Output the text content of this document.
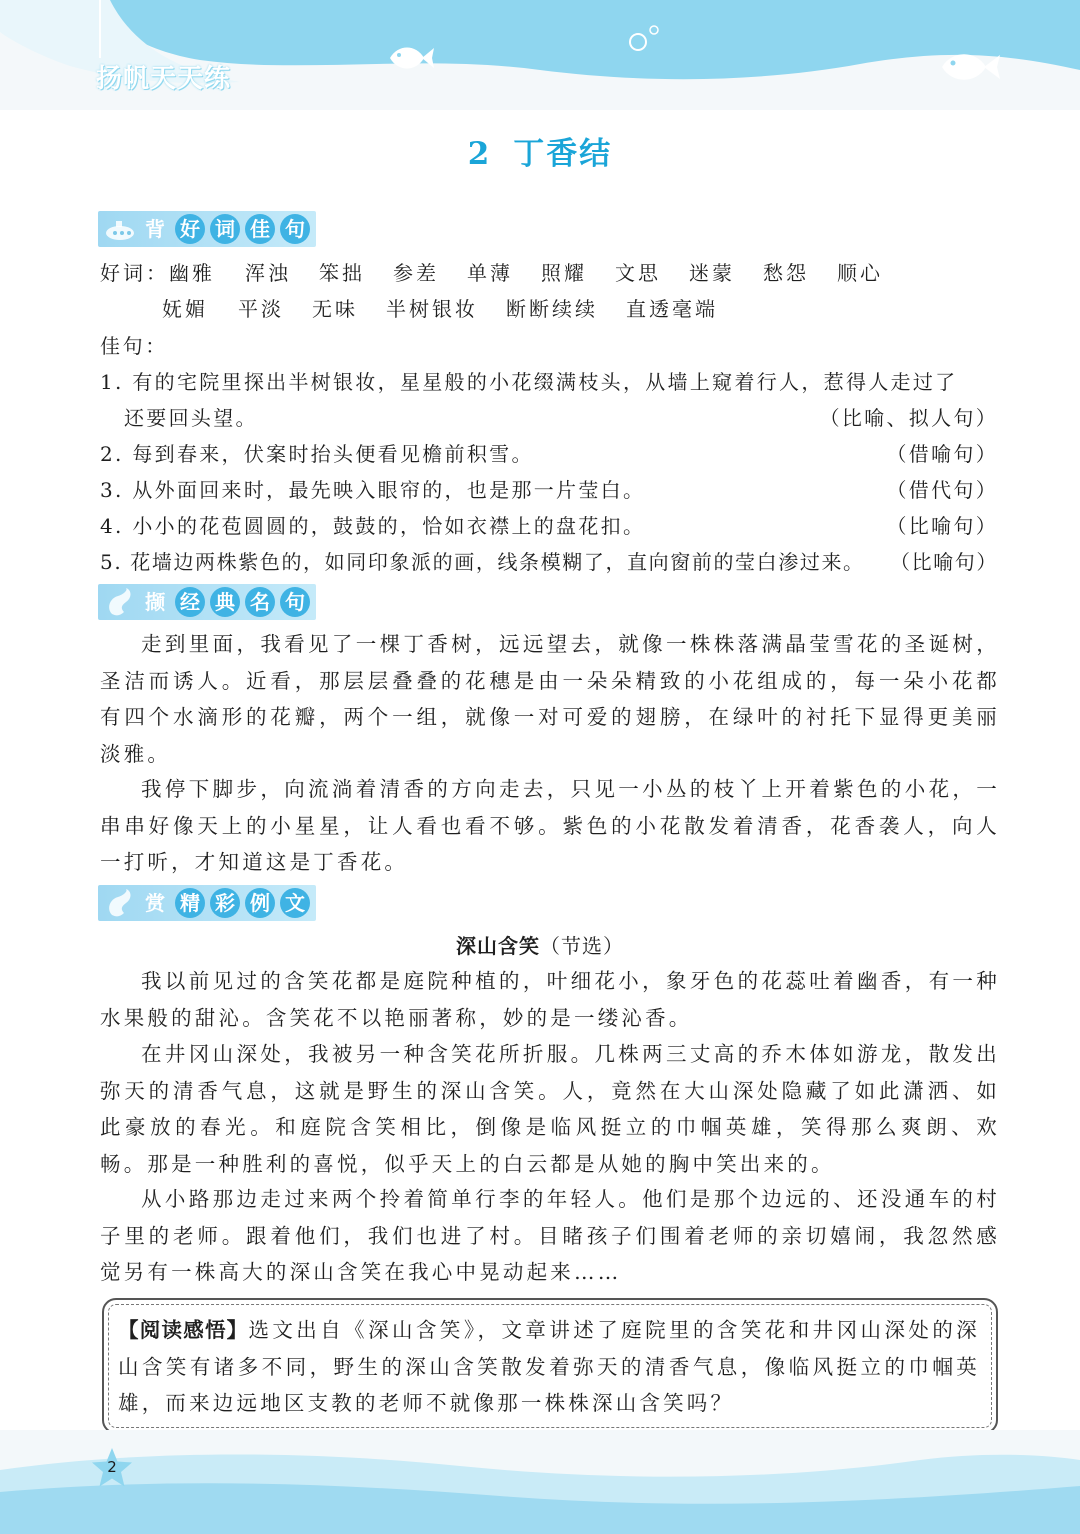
扬帆天天练
2 丁香结
背 好 词 佳 句
好词： 幽雅 浑浊 笨拙 参差 单薄 照耀 文思 迷蒙 愁怨 顺心
妩媚 平淡 无味 半树银妆 断断续续 直透毫端
佳句：
1. 有的宅院里探出半树银妆，星星般的小花缀满枝头，从墙上窥着行人，惹得人走过了
还要回头望。	（比喻、拟人句）
2. 每到春来，伏案时抬头便看见檐前积雪。	（借喻句）
3. 从外面回来时，最先映入眼帘的，也是那一片莹白。	（借代句）
4. 小小的花苞圆圆的，鼓鼓的，恰如衣襟上的盘花扣。	（比喻句）
5. 花墙边两株紫色的，如同印象派的画，线条模糊了，直向窗前的莹白渗过来。 （比喻句）
撷 经 典 名 句

走到里面，我看见了一棵丁香树，远远望去，就像一株株落满晶莹雪花的圣诞树，圣洁而诱人。近看，那层层叠叠的花穗是由一朵朵精致的小花组成的，每一朵小花都有四个水滴形的花瓣，两个一组，就像一对可爱的翅膀，在绿叶的衬托下显得更美丽淡雅。

我停下脚步，向流淌着清香的方向走去，只见一小丛的枝丫上开着紫色的小花，一串串好像天上的小星星，让人看也看不够。紫色的小花散发着清香，花香袭人，向人一打听，才知道这是丁香花。

赏 精 彩 例 文
深山含笑（节选）

我以前见过的含笑花都是庭院种植的，叶细花小，象牙色的花蕊吐着幽香，有一种水果般的甜沁。含笑花不以艳丽著称，妙的是一缕沁香。

在井冈山深处，我被另一种含笑花所折服。几株两三丈高的乔木体如游龙，散发出弥天的清香气息，这就是野生的深山含笑。人，竟然在大山深处隐藏了如此潇洒、如此豪放的春光。和庭院含笑相比，倒像是临风挺立的巾帼英雄，笑得那么爽朗、欢畅。那是一种胜利的喜悦，似乎天上的白云都是从她的胸中笑出来的。

从小路那边走过来两个拎着简单行李的年轻人。他们是那个边远的、还没通车的村子里的老师。跟着他们，我们也进了村。目睹孩子们围着老师的亲切嬉闹，我忽然感觉另有一株高大的深山含笑在我心中晃动起来……

【阅读感悟】选文出自《深山含笑》，文章讲述了庭院里的含笑花和井冈山深处的深山含笑有诸多不同，野生的深山含笑散发着弥天的清香气息，像临风挺立的巾帼英雄，而来边远地区支教的老师不就像那一株株深山含笑吗？

2
